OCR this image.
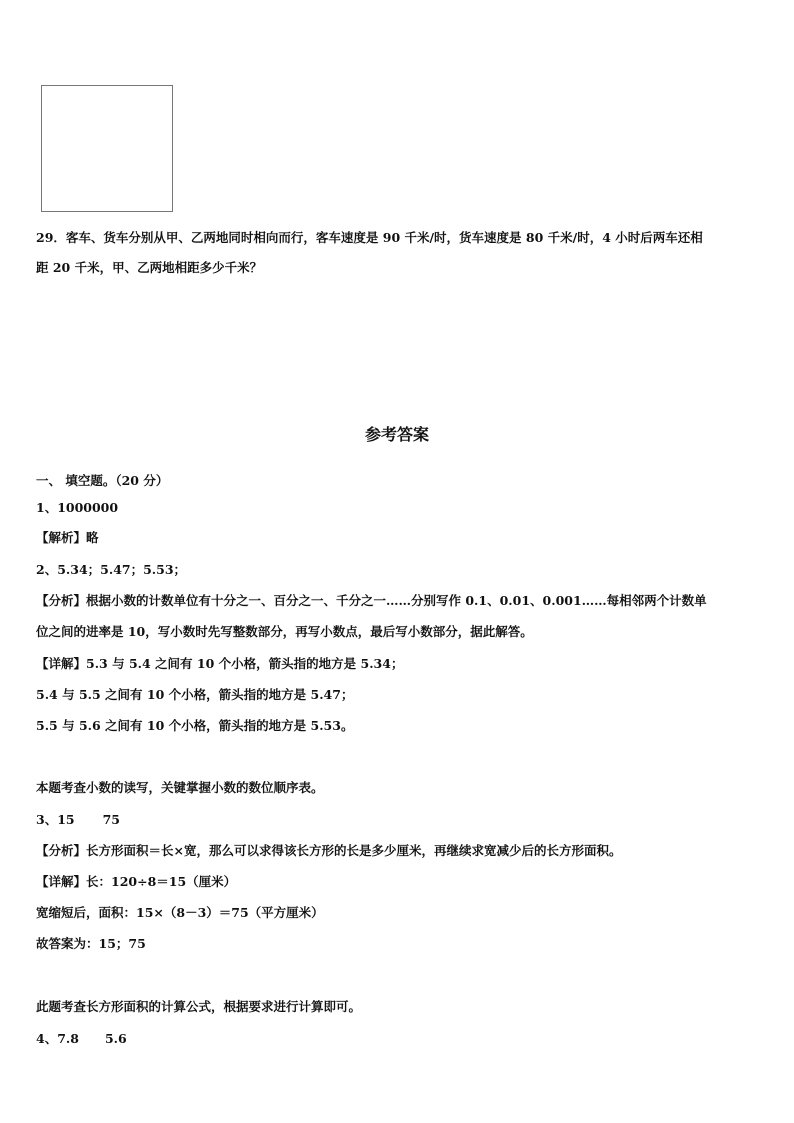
29．客车、货车分别从甲、乙两地同时相向而行，客车速度是 90 千米/时，货车速度是 80 千米/时，4 小时后两车还相
距 20 千米，甲、乙两地相距多少千米？
参考答案
一、 填空题。（20 分）
1、1000000
【解析】略
2、5.34；5.47；5.53；
【分析】根据小数的计数单位有十分之一、百分之一、千分之一……分别写作 0.1、0.01、0.001……每相邻两个计数单
位之间的进率是 10，写小数时先写整数部分，再写小数点，最后写小数部分，据此解答。
【详解】5.3 与 5.4 之间有 10 个小格，箭头指的地方是 5.34；
5.4 与 5.5 之间有 10 个小格，箭头指的地方是 5.47；
5.5 与 5.6 之间有 10 个小格，箭头指的地方是 5.53。
本题考查小数的读写，关键掌握小数的数位顺序表。
3、15 75
【分析】长方形面积＝长×宽，那么可以求得该长方形的长是多少厘米，再继续求宽减少后的长方形面积。
【详解】长：120÷8＝15（厘米）
宽缩短后，面积：15×（8－3）＝75（平方厘米）
故答案为：15；75
此题考查长方形面积的计算公式，根据要求进行计算即可。
4、7.8 5.6
